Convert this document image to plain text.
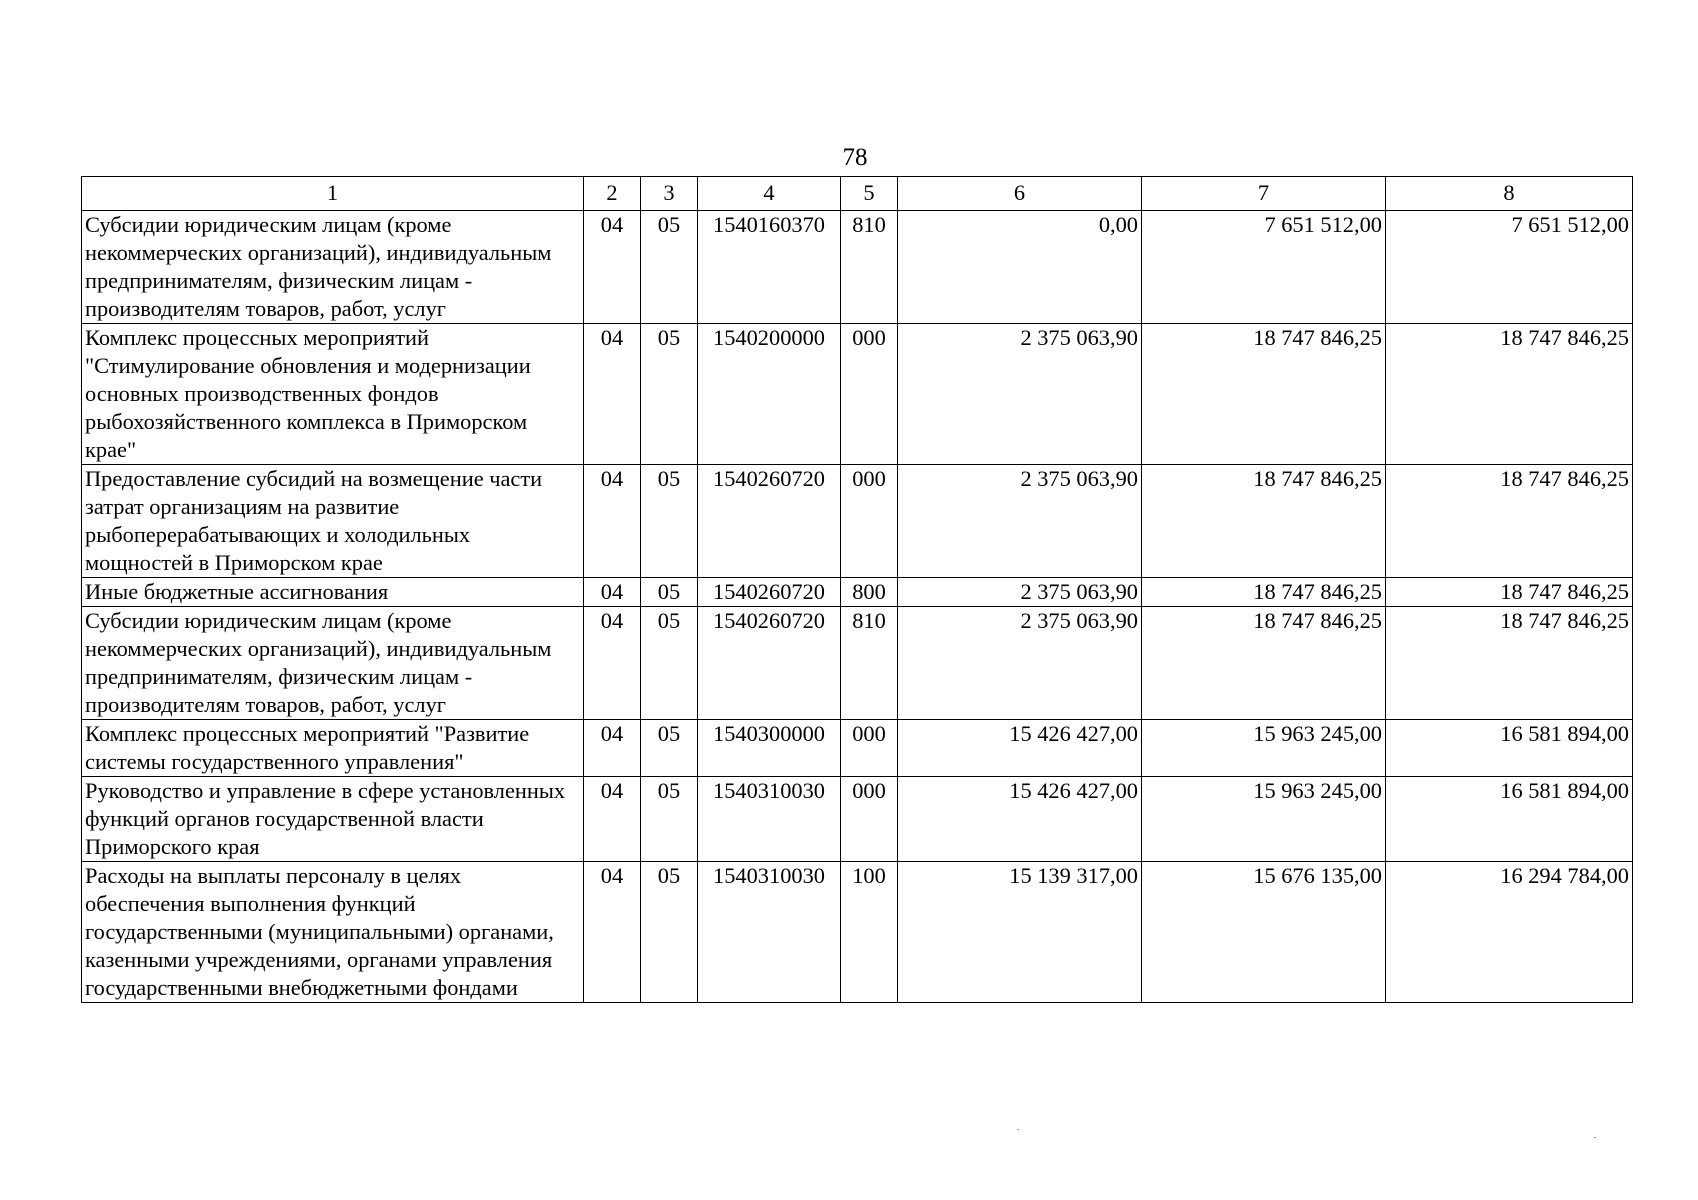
78
1	2	3	4	5	6	7	8
Субсидии юридическим лицам (кроме некоммерческих организаций), индивидуальным предпринимателям, физическим лицам - производителям товаров, работ, услуг	04	05	1540160370	810	0,00	7 651 512,00	7 651 512,00
Комплекс процессных мероприятий "Стимулирование обновления и модернизации основных производственных фондов рыбохозяйственного комплекса в Приморском крае"	04	05	1540200000	000	2 375 063,90	18 747 846,25	18 747 846,25
Предоставление субсидий на возмещение части затрат организациям на развитие рыбоперерабатывающих и холодильных мощностей в Приморском крае	04	05	1540260720	000	2 375 063,90	18 747 846,25	18 747 846,25
Иные бюджетные ассигнования	04	05	1540260720	800	2 375 063,90	18 747 846,25	18 747 846,25
Субсидии юридическим лицам (кроме некоммерческих организаций), индивидуальным предпринимателям, физическим лицам - производителям товаров, работ, услуг	04	05	1540260720	810	2 375 063,90	18 747 846,25	18 747 846,25
Комплекс процессных мероприятий "Развитие системы государственного управления"	04	05	1540300000	000	15 426 427,00	15 963 245,00	16 581 894,00
Руководство и управление в сфере установленных функций органов государственной власти Приморского края	04	05	1540310030	000	15 426 427,00	15 963 245,00	16 581 894,00
Расходы на выплаты персоналу в целях обеспечения выполнения функций государственными (муниципальными) органами, казенными учреждениями, органами управления государственными внебюджетными фондами	04	05	1540310030	100	15 139 317,00	15 676 135,00	16 294 784,00
